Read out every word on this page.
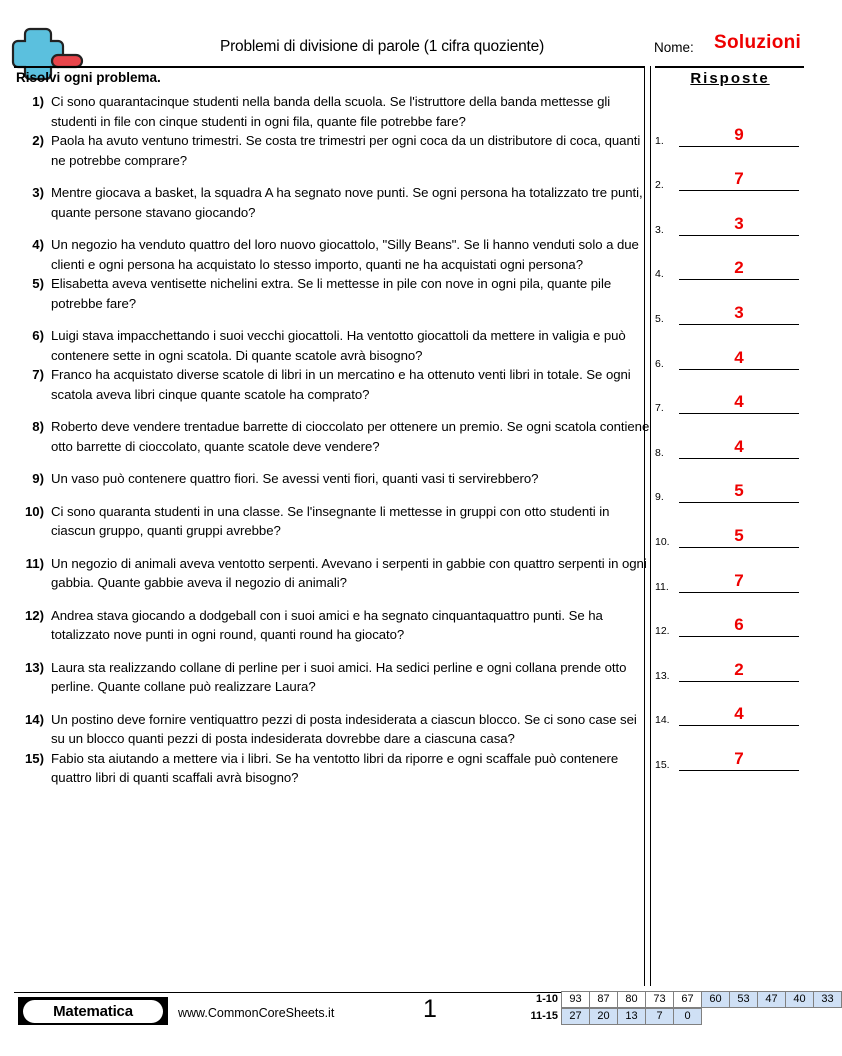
Problemi di divisione di parole (1 cifra quoziente)	Nome: Soluzioni
Risolvi ogni problema.
1) Ci sono quarantacinque studenti nella banda della scuola. Se l'istruttore della banda mettesse gli studenti in file con cinque studenti in ogni fila, quante file potrebbe fare?
2) Paola ha avuto ventuno trimestri. Se costa tre trimestri per ogni coca da un distributore di coca, quanti ne potrebbe comprare?
3) Mentre giocava a basket, la squadra A ha segnato nove punti. Se ogni persona ha totalizzato tre punti, quante persone stavano giocando?
4) Un negozio ha venduto quattro del loro nuovo giocattolo, "Silly Beans". Se li hanno venduti solo a due clienti e ogni persona ha acquistato lo stesso importo, quanti ne ha acquistati ogni persona?
5) Elisabetta aveva ventisette nichelini extra. Se li mettesse in pile con nove in ogni pila, quante pile potrebbe fare?
6) Luigi stava impacchettando i suoi vecchi giocattoli. Ha ventotto giocattoli da mettere in valigia e può contenere sette in ogni scatola. Di quante scatole avrà bisogno?
7) Franco ha acquistato diverse scatole di libri in un mercatino e ha ottenuto venti libri in totale. Se ogni scatola aveva libri cinque quante scatole ha comprato?
8) Roberto deve vendere trentadue barrette di cioccolato per ottenere un premio. Se ogni scatola contiene otto barrette di cioccolato, quante scatole deve vendere?
9) Un vaso può contenere quattro fiori. Se avessi venti fiori, quanti vasi ti servirebbero?
10) Ci sono quaranta studenti in una classe. Se l'insegnante li mettesse in gruppi con otto studenti in ciascun gruppo, quanti gruppi avrebbe?
11) Un negozio di animali aveva ventotto serpenti. Avevano i serpenti in gabbie con quattro serpenti in ogni gabbia. Quante gabbie aveva il negozio di animali?
12) Andrea stava giocando a dodgeball con i suoi amici e ha segnato cinquantaquattro punti. Se ha totalizzato nove punti in ogni round, quanti round ha giocato?
13) Laura sta realizzando collane di perline per i suoi amici. Ha sedici perline e ogni collana prende otto perline. Quante collane può realizzare Laura?
14) Un postino deve fornire ventiquattro pezzi di posta indesiderata a ciascun blocco. Se ci sono case sei su un blocco quanti pezzi di posta indesiderata dovrebbe dare a ciascuna casa?
15) Fabio sta aiutando a mettere via i libri. Se ha ventotto libri da riporre e ogni scaffale può contenere quattro libri di quanti scaffali avrà bisogno?
Risposte
1.	9
2.	7
3.	3
4.	2
5.	3
6.	4
7.	4
8.	4
9.	5
10.	5
11.	7
12.	6
13.	2
14.	4
15.	7
Matematica	www.CommonCoreSheets.it	1	1-10	93	87	80	73	67	60	53	47	40	33
11-15	27	20	13	7	0
